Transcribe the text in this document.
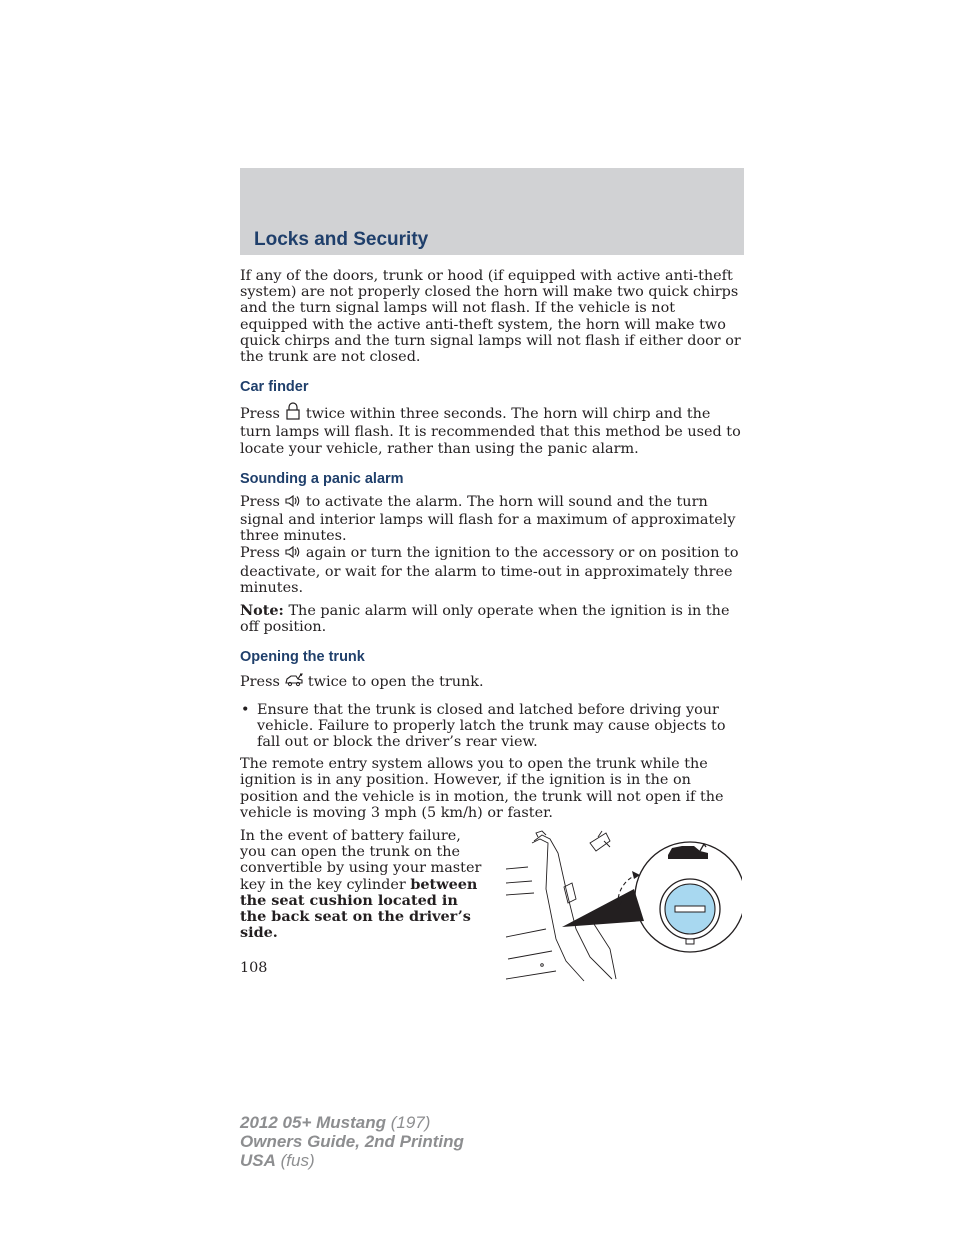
Locks and Security

If any of the doors, trunk or hood (if equipped with active anti-theft system) are not properly closed the horn will make two quick chirps and the turn signal lamps will not flash. If the vehicle is not equipped with the active anti-theft system, the horn will make two quick chirps and the turn signal lamps will not flash if either door or the trunk are not closed.

Car finder

Press twice within three seconds. The horn will chirp and the turn lamps will flash. It is recommended that this method be used to locate your vehicle, rather than using the panic alarm.

Sounding a panic alarm

Press to activate the alarm. The horn will sound and the turn signal and interior lamps will flash for a maximum of approximately three minutes.

Press again or turn the ignition to the accessory or on position to deactivate, or wait for the alarm to time-out in approximately three minutes.

Note: The panic alarm will only operate when the ignition is in the off position.

Opening the trunk

Press twice to open the trunk.

• Ensure that the trunk is closed and latched before driving your vehicle. Failure to properly latch the trunk may cause objects to fall out or block the driver’s rear view.

The remote entry system allows you to open the trunk while the ignition is in any position. However, if the ignition is in the on position and the vehicle is in motion, the trunk will not open if the vehicle is moving 3 mph (5 km/h) or faster.

In the event of battery failure, you can open the trunk on the convertible by using your master key in the key cylinder between the seat cushion located in the back seat on the driver’s side.
108
2012 05+ Mustang (197)
Owners Guide, 2nd Printing
USA (fus)
